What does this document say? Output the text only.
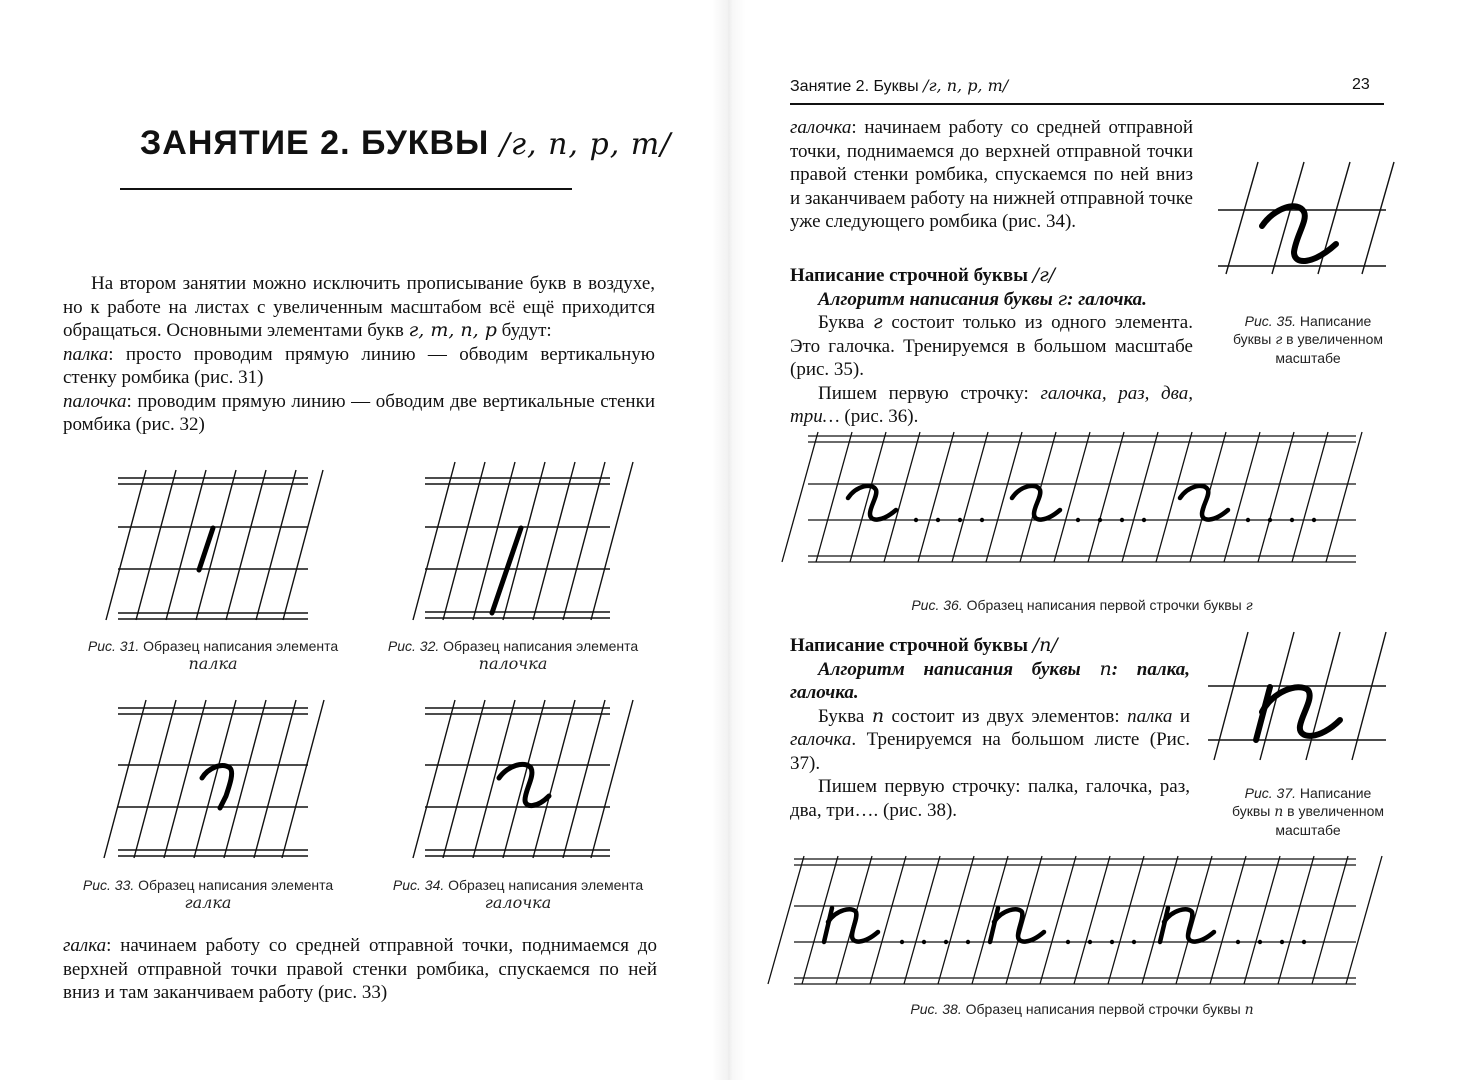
ЗАНЯТИЕ 2. БУКВЫ /г, п, р, т/

На втором занятии можно исключить прописывание букв в воздухе, но к работе на листах с увеличенным масштабом всё ещё приходится обращаться. Основными элементами букв г, т, п, р будут:

палка: просто проводим прямую линию — обводим вертикальную стенку ромбика (рис. 31)

палочка: проводим прямую линию — обводим две вертикальные стенки ромбика (рис. 32)

Рис. 31. Образец написания элемента
палка
Рис. 32. Образец написания элемента
палочка
Рис. 33. Образец написания элемента
галка
Рис. 34. Образец написания элемента
галочка

галка: начинаем работу со средней отправной точки, поднимаемся до верхней отправной точки правой стенки ромбика, спускаемся по ней вниз и там заканчиваем работу (рис. 33)

Занятие 2. Буквы /г, п, р, т/	23

галочка: начинаем работу со средней отправной точки, поднимаемся до верхней отправной точки правой стенки ромбика, спускаемся по ней вниз и заканчиваем работу на нижней отправной точке уже следующего ромбика (рис. 34).

Рис. 35. Написание
буквы г в увеличенном
масштабе

Написание строчной буквы /г/

Алгоритм написания буквы г: галочка.

Буква г состоит только из одного элемента. Это галочка. Тренируемся в большом масштабе (рис. 35).

Пишем первую строчку: галочка, раз, два, три… (рис. 36).

Рис. 36. Образец написания первой строчки буквы г

Написание строчной буквы /п/

Алгоритм написания буквы п: палка, галочка.

Буква п состоит из двух элементов: палка и галочка. Тренируемся на большом листе (Рис. 37).

Пишем первую строчку: палка, галочка, раз, два, три…. (рис. 38).

Рис. 37. Написание
буквы п в увеличенном
масштабе
Рис. 38. Образец написания первой строчки буквы п
